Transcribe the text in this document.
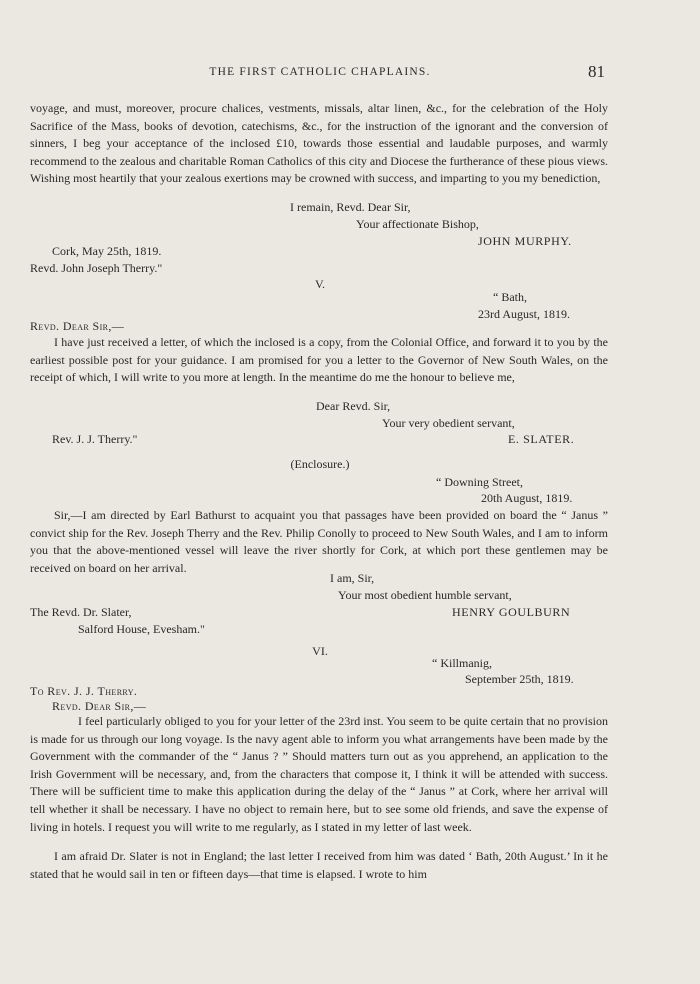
THE FIRST CATHOLIC CHAPLAINS.	81
voyage, and must, moreover, procure chalices, vestments, missals, altar linen, &c., for the celebration of the Holy Sacrifice of the Mass, books of devotion, catechisms, &c., for the instruction of the ignorant and the conversion of sinners, I beg your acceptance of the inclosed £10, towards those essential and laudable purposes, and warmly recommend to the zealous and charitable Roman Catholics of this city and Diocese the furtherance of these pious views. Wishing most heartily that your zealous exertions may be crowned with success, and imparting to you my benediction,
I remain, Revd. Dear Sir,
Your affectionate Bishop,
JOHN MURPHY.
Cork, May 25th, 1819.
Revd. John Joseph Therry."
V.
“ Bath,
23rd August, 1819.
Revd. Dear Sir,—
I have just received a letter, of which the inclosed is a copy, from the Colonial Office, and forward it to you by the earliest possible post for your guidance. I am promised for you a letter to the Governor of New South Wales, on the receipt of which, I will write to you more at length. In the meantime do me the honour to believe me,
Dear Revd. Sir,
Your very obedient servant,
Rev. J. J. Therry."	E. SLATER.
(Enclosure.)
“ Downing Street,
20th August, 1819.
Sir,—I am directed by Earl Bathurst to acquaint you that passages have been provided on board the “ Janus ” convict ship for the Rev. Joseph Therry and the Rev. Philip Conolly to proceed to New South Wales, and I am to inform you that the above-mentioned vessel will leave the river shortly for Cork, at which port these gentlemen may be received on board on her arrival.
I am, Sir,
Your most obedient humble servant,
The Revd. Dr. Slater,	HENRY GOULBURN
Salford House, Evesham."
VI.
“ Killmanig,
September 25th, 1819.
To Rev. J. J. Therry.
Revd. Dear Sir,—
I feel particularly obliged to you for your letter of the 23rd inst. You seem to be quite certain that no provision is made for us through our long voyage. Is the navy agent able to inform you what arrangements have been made by the Government with the commander of the “ Janus ? ” Should matters turn out as you apprehend, an application to the Irish Government will be necessary, and, from the characters that compose it, I think it will be attended with success. There will be sufficient time to make this application during the delay of the “ Janus ” at Cork, where her arrival will tell whether it shall be necessary. I have no object to remain here, but to see some old friends, and save the expense of living in hotels. I request you will write to me regularly, as I stated in my letter of last week.
I am afraid Dr. Slater is not in England; the last letter I received from him was dated ‘ Bath, 20th August.’ In it he stated that he would sail in ten or fifteen days—that time is elapsed. I wrote to him
